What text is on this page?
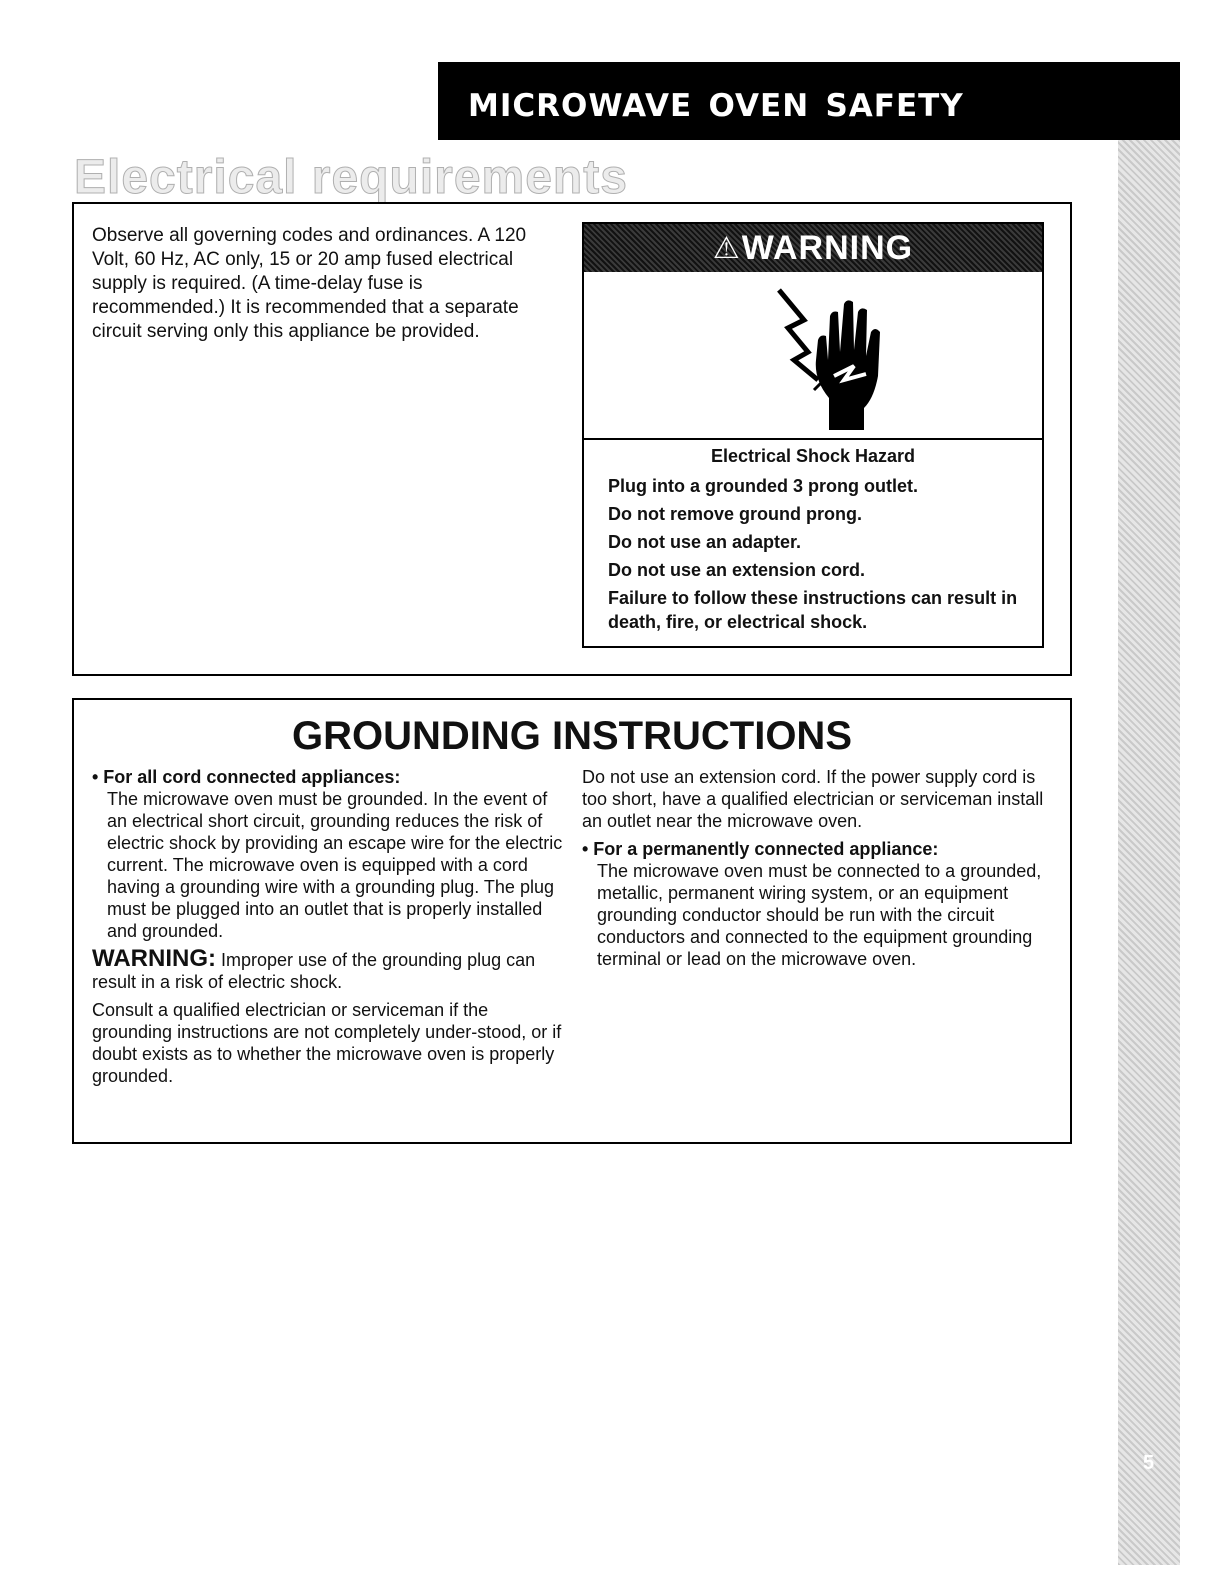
microwave oven safety
5
Electrical requirements
Observe all governing codes and ordinances. A 120 Volt, 60 Hz, AC only, 15 or 20 amp fused electrical supply is required. (A time-delay fuse is recommended.) It is recommended that a separate circuit serving only this appliance be provided.
⚠ WARNING
Electrical Shock Hazard

Plug into a grounded 3 prong outlet.

Do not remove ground prong.

Do not use an adapter.

Do not use an extension cord.

Failure to follow these instructions can result in death, fire, or electrical shock.

GROUNDING INSTRUCTIONS

• For all cord connected appliances:

The microwave oven must be grounded. In the event of an electrical short circuit, grounding reduces the risk of electric shock by providing an escape wire for the electric current. The microwave oven is equipped with a cord having a grounding wire with a grounding plug. The plug must be plugged into an outlet that is properly installed and grounded.

WARNING: Improper use of the grounding plug can result in a risk of electric shock.

Consult a qualified electrician or serviceman if the grounding instructions are not completely under-stood, or if doubt exists as to whether the microwave oven is properly grounded.

Do not use an extension cord. If the power supply cord is too short, have a qualified electrician or serviceman install an outlet near the microwave oven.

• For a permanently connected appliance:

The microwave oven must be connected to a grounded, metallic, permanent wiring system, or an equipment grounding conductor should be run with the circuit conductors and connected to the equipment grounding terminal or lead on the microwave oven.
